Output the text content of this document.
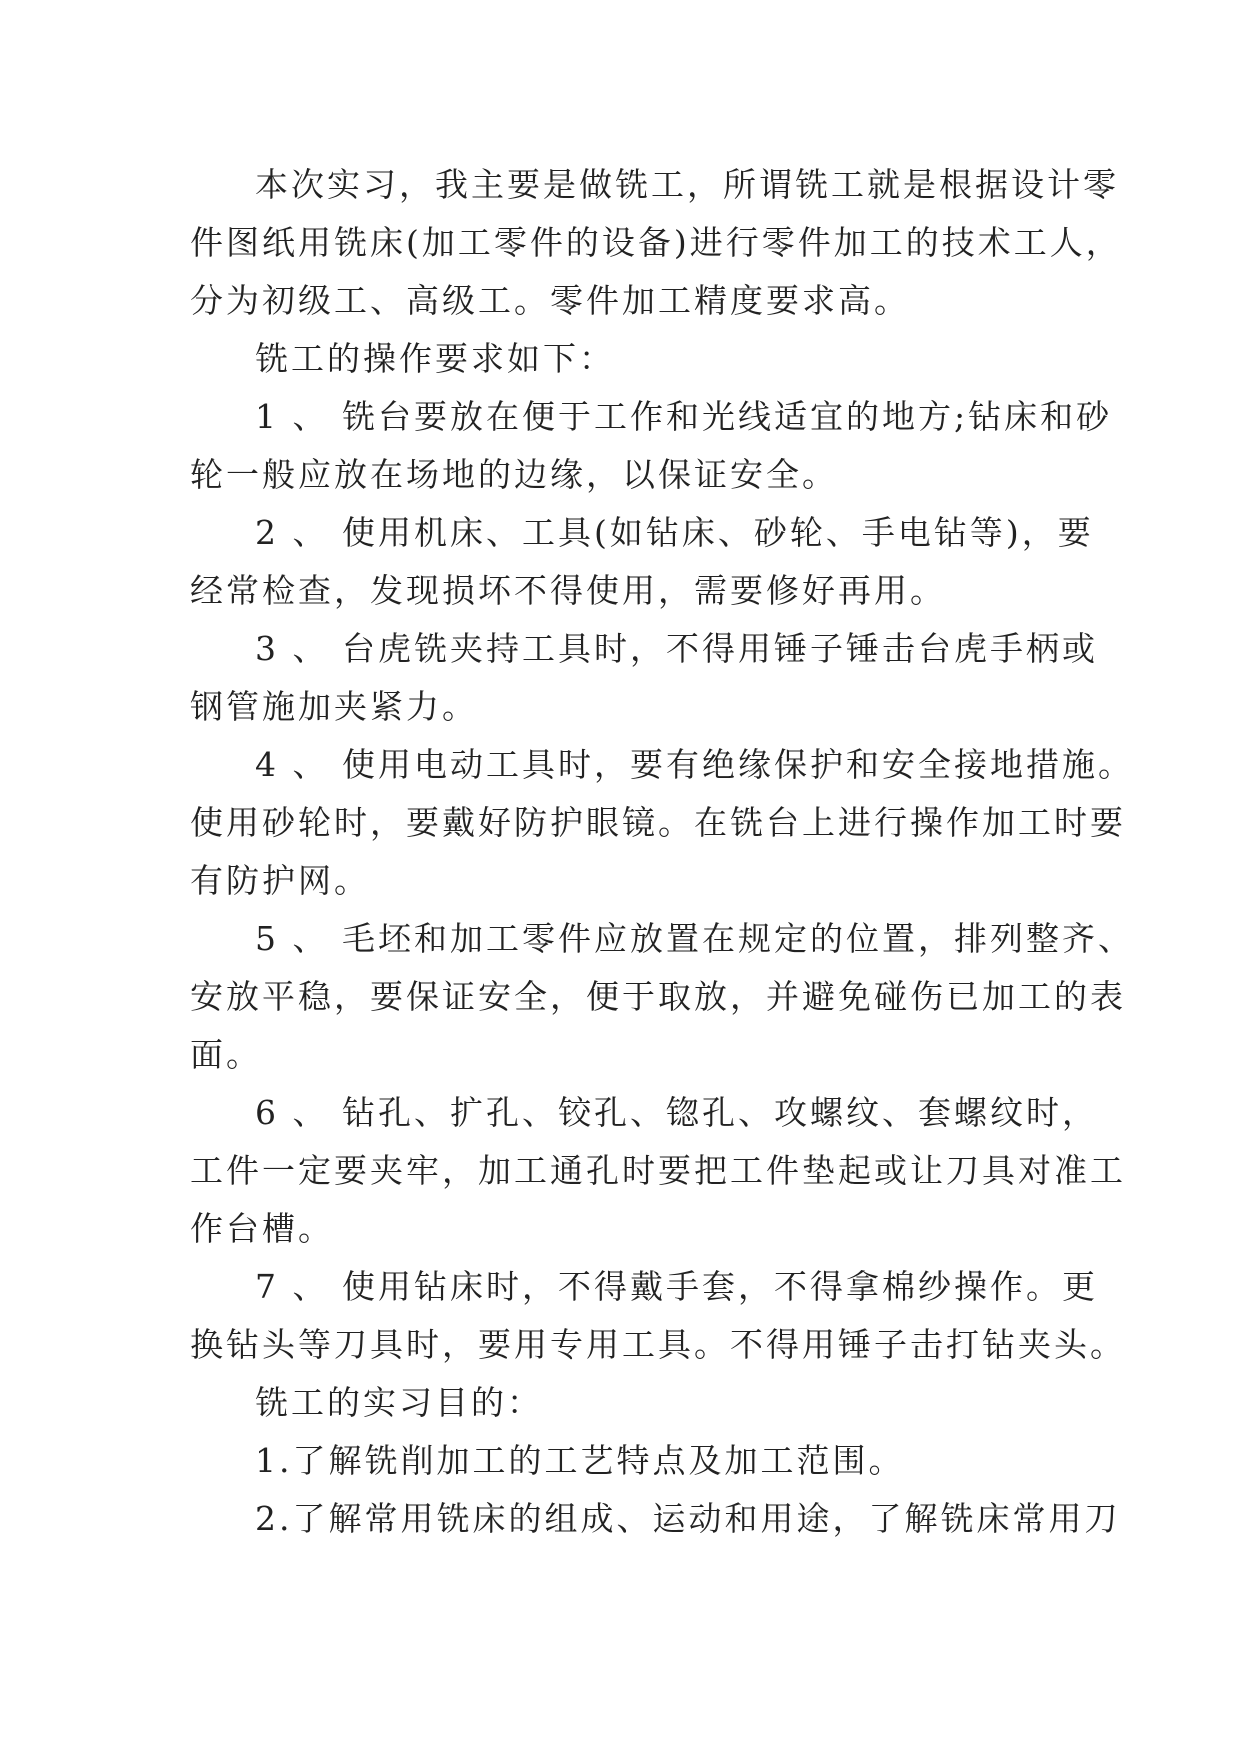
本次实习，我主要是做铣工，所谓铣工就是根据设计零
件图纸用铣床(加工零件的设备)进行零件加工的技术工人，
分为初级工、高级工。零件加工精度要求高。
铣工的操作要求如下：
1 、 铣台要放在便于工作和光线适宜的地方;钻床和砂
轮一般应放在场地的边缘，以保证安全。
2 、 使用机床、工具(如钻床、砂轮、手电钻等)，要
经常检查，发现损坏不得使用，需要修好再用。
3 、 台虎铣夹持工具时，不得用锤子锤击台虎手柄或
钢管施加夹紧力。
4 、 使用电动工具时，要有绝缘保护和安全接地措施。
使用砂轮时，要戴好防护眼镜。在铣台上进行操作加工时要
有防护网。
5 、 毛坯和加工零件应放置在规定的位置，排列整齐、
安放平稳，要保证安全，便于取放，并避免碰伤已加工的表
面。
6 、 钻孔、扩孔、铰孔、锪孔、攻螺纹、套螺纹时，
工件一定要夹牢，加工通孔时要把工件垫起或让刀具对准工
作台槽。
7 、 使用钻床时，不得戴手套，不得拿棉纱操作。更
换钻头等刀具时，要用专用工具。不得用锤子击打钻夹头。
铣工的实习目的：
1.了解铣削加工的工艺特点及加工范围。
2.了解常用铣床的组成、运动和用途，了解铣床常用刀
